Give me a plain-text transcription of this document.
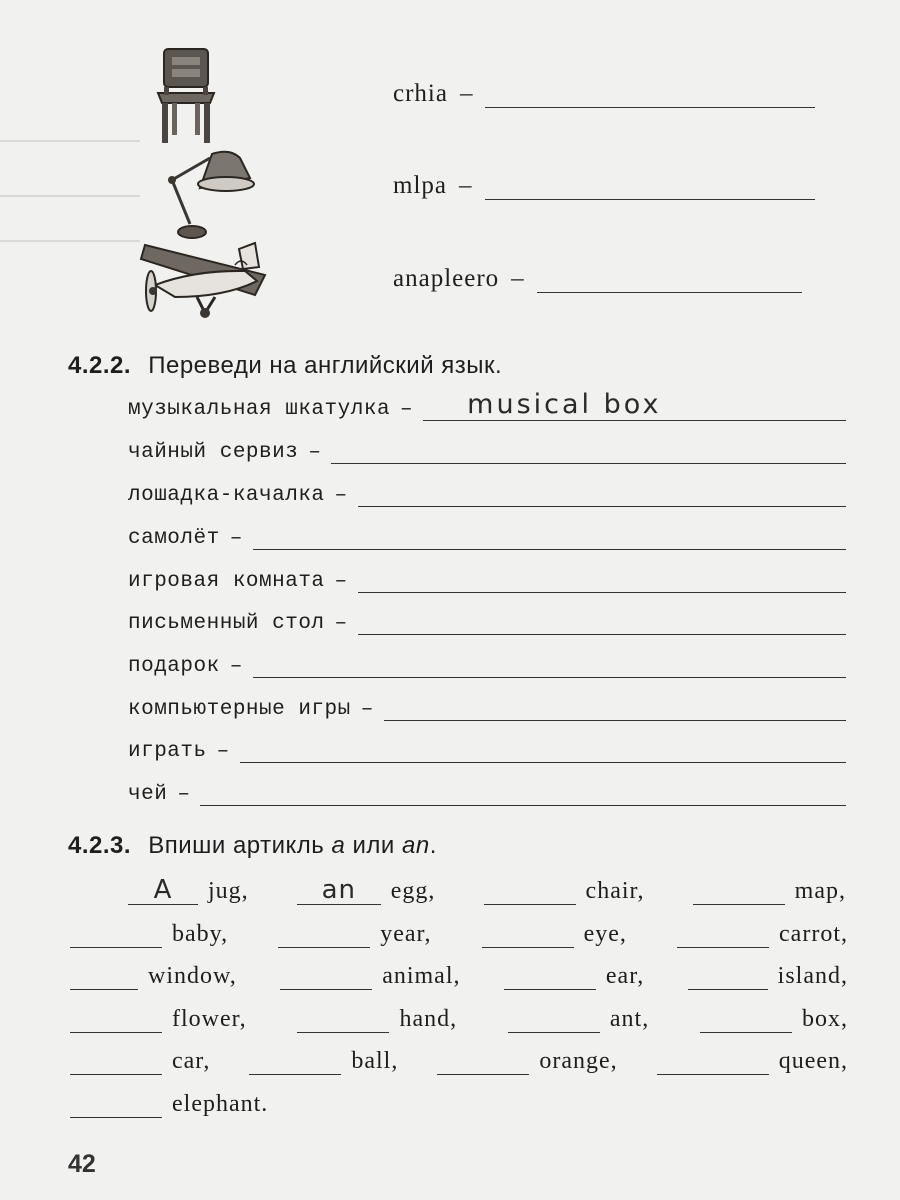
crhia –
mlpa –
anapleero –
4.2.2. Переведи на английский язык.
музыкальная шкатулка – musical box
чайный сервиз –
лошадка-качалка –
самолёт –
игровая комната –
письменный стол –
подарок –
компьютерные игры –
играть –
чей –
4.2.3. Впиши артикль a или an.
A	jug,	an	egg,	chair,	map,
baby,	year,	eye,	carrot,
window,	animal,	ear,	island,
flower,	hand,	ant,	box,
car,	ball,	orange,	queen,
elephant.
42
